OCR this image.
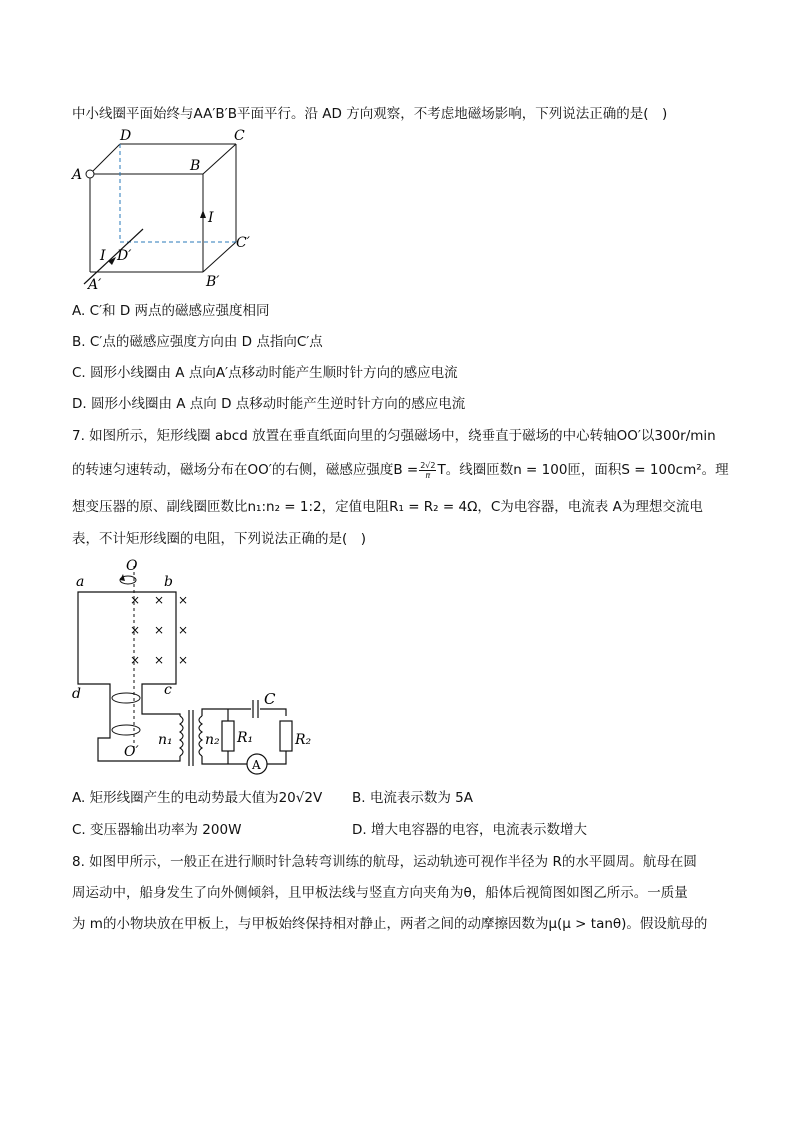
中小线圈平面始终与AA′B′B平面平行。沿 AD 方向观察，不考虑地磁场影响，下列说法正确的是(　)
D	C
A
B
I
C′
I D′
A′	B′
A. C′和 D 两点的磁感应强度相同
B. C′点的磁感应强度方向由 D 点指向C′点
C. 圆形小线圈由 A 点向A′点移动时能产生顺时针方向的感应电流
D. 圆形小线圈由 A 点向 D 点移动时能产生逆时针方向的感应电流
7. 如图所示，矩形线圈 abcd 放置在垂直纸面向里的匀强磁场中，绕垂直于磁场的中心转轴OO′以300r/min
的转速匀速转动，磁场分布在OO′的右侧，磁感应强度$B = \frac{2√2}{\pi}$ T。线圈匝数n = 100匝，面积S = 100cm²。理
想变压器的原、副线圈匝数比n₁:n₂ = 1:2，定值电阻R₁ = R₂ = 4Ω，C为电容器，电流表 A为理想交流电
表，不计矩形线圈的电阻，下列说法正确的是(　)
× ×
× ×
× ×
×
×
×
a
O
b
d	c
O′
n₁ n₂
C
R₁	R₂
A
A. 矩形线圈产生的电动势最大值为20√2V B. 电流表示数为 5A
C. 变压器输出功率为 200W	D. 增大电容器的电容，电流表示数增大
8. 如图甲所示，一般正在进行顺时针急转弯训练的航母，运动轨迹可视作半径为 R的水平圆周。航母在圆
周运动中，船身发生了向外侧倾斜，且甲板法线与竖直方向夹角为θ，船体后视简图如图乙所示。一质量
为 m的小物块放在甲板上，与甲板始终保持相对静止，两者之间的动摩擦因数为μ(μ > tanθ)。假设航母的
